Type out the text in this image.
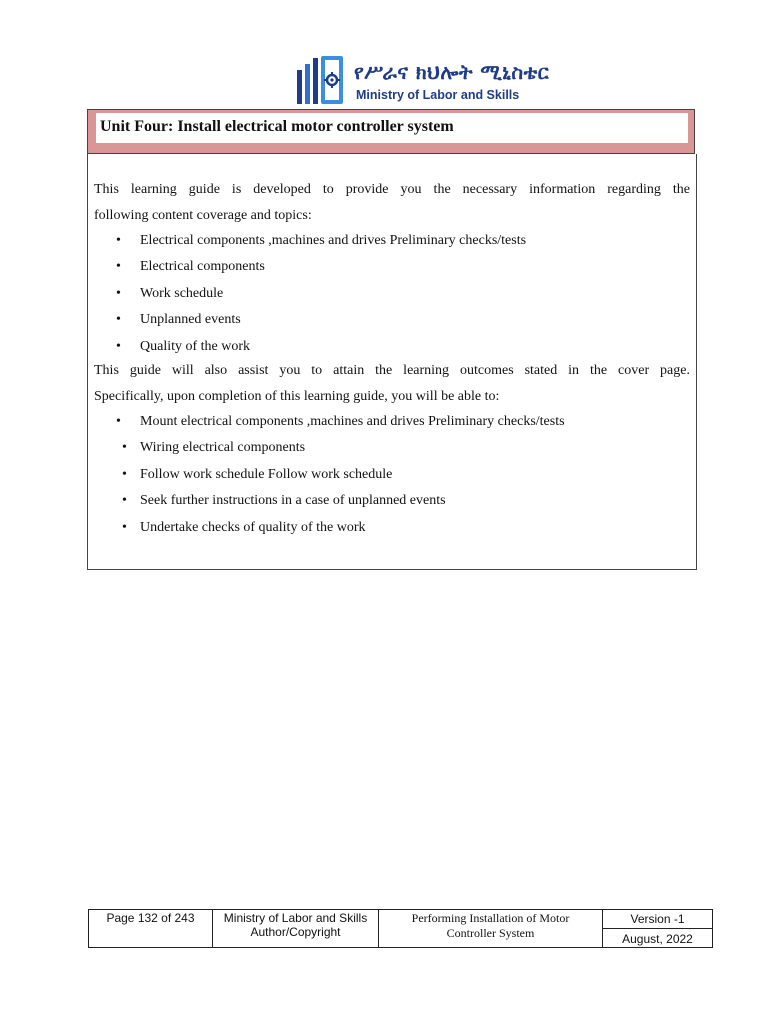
የሥራና ክህሎት ሚኒስቴር
Ministry of Labor and Skills
Unit Four: Install electrical motor controller system
This learning guide is developed to provide you the necessary information regarding the
following content coverage and topics:
• Electrical components ,machines and drives Preliminary checks/tests
• Electrical components
• Work schedule
• Unplanned events
• Quality of the work
This guide will also assist you to attain the learning outcomes stated in the cover page.
Specifically, upon completion of this learning guide, you will be able to:
• Mount electrical components ,machines and drives Preliminary checks/tests
• Wiring electrical components
• Follow work schedule Follow work schedule
• Seek further instructions in a case of unplanned events
• Undertake checks of quality of the work
Page 132 of 243	Ministry of Labor and Skills
Author/Copyright
Performing Installation of Motor
Controller System
Version -1
August, 2022
